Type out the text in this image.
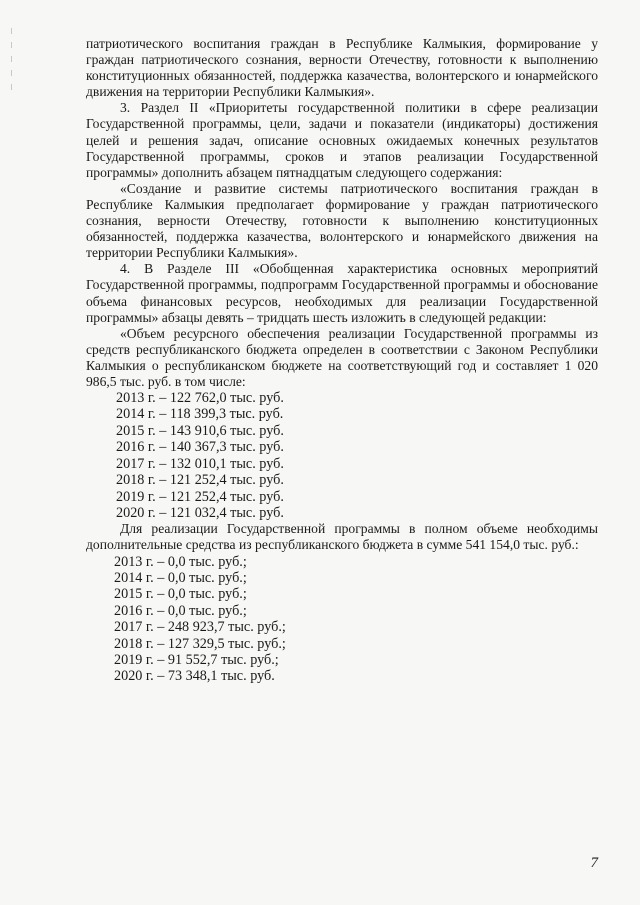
патриотического воспитания граждан в Республике Калмыкия, формирование у граждан патриотического сознания, верности Отечеству, готовности к выполнению конституционных обязанностей, поддержка казачества, волонтерского и юнармейского движения на территории Республики Калмыкия».

3. Раздел II «Приоритеты государственной политики в сфере реализации Государственной программы, цели, задачи и показатели (индикаторы) достижения целей и решения задач, описание основных ожидаемых конечных результатов Государственной программы, сроков и этапов реализации Государственной программы» дополнить абзацем пятнадцатым следующего содержания:

«Создание и развитие системы патриотического воспитания граждан в Республике Калмыкия предполагает формирование у граждан патриотического сознания, верности Отечеству, готовности к выполнению конституционных обязанностей, поддержка казачества, волонтерского и юнармейского движения на территории Республики Калмыкия».

4. В Разделе III «Обобщенная характеристика основных мероприятий Государственной программы, подпрограмм Государственной программы и обоснование объема финансовых ресурсов, необходимых для реализации Государственной программы» абзацы девять – тридцать шесть изложить в следующей редакции:

«Объем ресурсного обеспечения реализации Государственной программы из средств республиканского бюджета определен в соответствии с Законом Республики Калмыкия о республиканском бюджете на соответствующий год и составляет 1 020 986,5 тыс. руб. в том числе:

2013 г. – 122 762,0 тыс. руб.
2014 г. – 118 399,3 тыс. руб.
2015 г. – 143 910,6 тыс. руб.
2016 г. – 140 367,3 тыс. руб.
2017 г. – 132 010,1 тыс. руб.
2018 г. – 121 252,4 тыс. руб.
2019 г. – 121 252,4 тыс. руб.
2020 г. – 121 032,4 тыс. руб.

Для реализации Государственной программы в полном объеме необходимы дополнительные средства из республиканского бюджета в сумме 541 154,0 тыс. руб.:

2013 г. – 0,0 тыс. руб.;
2014 г. – 0,0 тыс. руб.;
2015 г. – 0,0 тыс. руб.;
2016 г. – 0,0 тыс. руб.;
2017 г. – 248 923,7 тыс. руб.;
2018 г. – 127 329,5 тыс. руб.;
2019 г. – 91 552,7 тыс. руб.;
2020 г. – 73 348,1 тыс. руб.
7
